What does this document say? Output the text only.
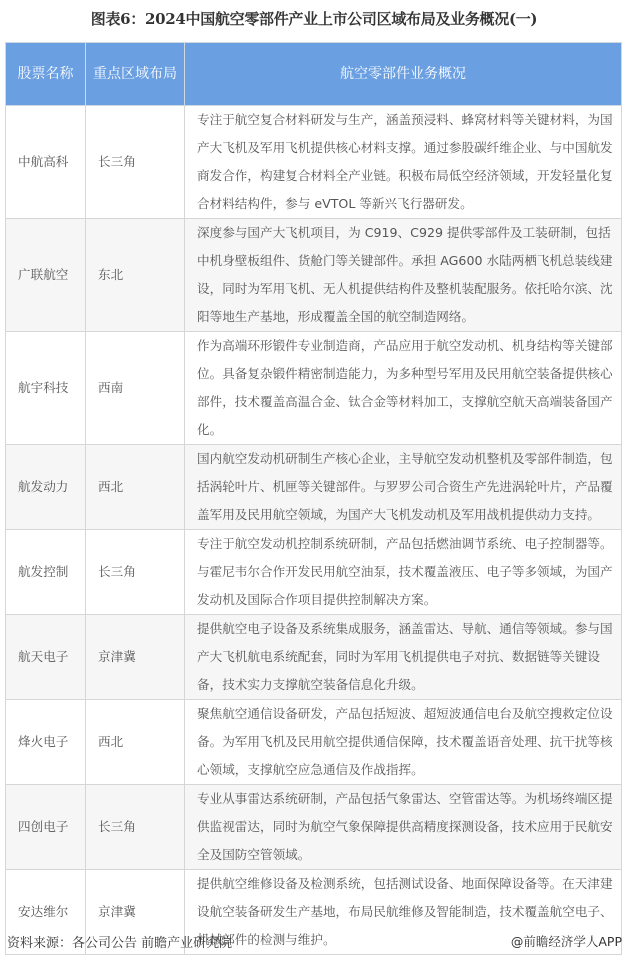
图表6：2024中国航空零部件产业上市公司区域布局及业务概况(一)
股票名称	重点区域布局	航空零部件业务概况
中航高科	长三角	专注于航空复合材料研发与生产，涵盖预浸料、蜂窝材料等关键材料，为国产大飞机及军用飞机提供核心材料支撑。通过参股碳纤维企业、与中国航发商发合作，构建复合材料全产业链。积极布局低空经济领域，开发轻量化复合材料结构件，参与 eVTOL 等新兴飞行器研发。
广联航空	东北	深度参与国产大飞机项目，为 C919、C929 提供零部件及工装研制，包括中机身壁板组件、货舱门等关键部件。承担 AG600 水陆两栖飞机总装线建设，同时为军用飞机、无人机提供结构件及整机装配服务。依托哈尔滨、沈阳等地生产基地，形成覆盖全国的航空制造网络。
航宇科技	西南	作为高端环形锻件专业制造商，产品应用于航空发动机、机身结构等关键部位。具备复杂锻件精密制造能力，为多种型号军用及民用航空装备提供核心部件，技术覆盖高温合金、钛合金等材料加工，支撑航空航天高端装备国产化。
航发动力	西北	国内航空发动机研制生产核心企业，主导航空发动机整机及零部件制造，包括涡轮叶片、机匣等关键部件。与罗罗公司合资生产先进涡轮叶片，产品覆盖军用及民用航空领域，为国产大飞机发动机及军用战机提供动力支持。
航发控制	长三角	专注于航空发动机控制系统研制，产品包括燃油调节系统、电子控制器等。与霍尼韦尔合作开发民用航空油泵，技术覆盖液压、电子等多领域，为国产发动机及国际合作项目提供控制解决方案。
航天电子	京津冀	提供航空电子设备及系统集成服务，涵盖雷达、导航、通信等领域。参与国产大飞机航电系统配套，同时为军用飞机提供电子对抗、数据链等关键设备，技术实力支撑航空装备信息化升级。
烽火电子	西北	聚焦航空通信设备研发，产品包括短波、超短波通信电台及航空搜救定位设备。为军用飞机及民用航空提供通信保障，技术覆盖语音处理、抗干扰等核心领域，支撑航空应急通信及作战指挥。
四创电子	长三角	专业从事雷达系统研制，产品包括气象雷达、空管雷达等。为机场终端区提供监视雷达，同时为航空气象保障提供高精度探测设备，技术应用于民航安全及国防空管领域。
安达维尔	京津冀	提供航空维修设备及检测系统，包括测试设备、地面保障设备等。在天津建设航空装备研发生产基地，布局民航维修及智能制造，技术覆盖航空电子、机械部件的检测与维护。
资料来源：各公司公告 前瞻产业研究院	@前瞻经济学人APP
